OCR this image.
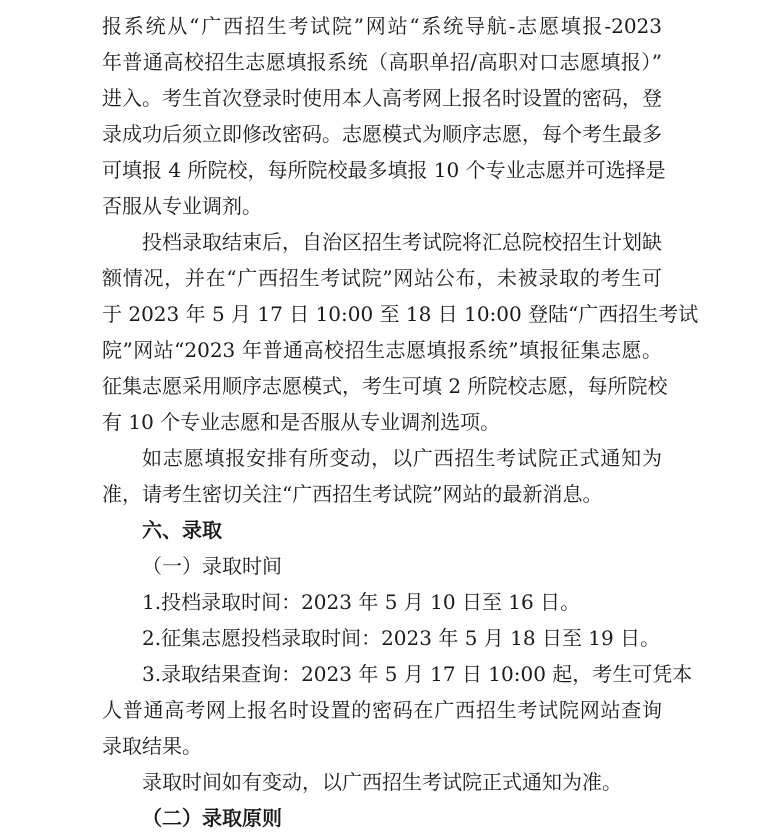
报系统从“广西招生考试院”网站“系统导航-志愿填报-2023
年普通高校招生志愿填报系统（高职单招/高职对口志愿填报）”
进入。考生首次登录时使用本人高考网上报名时设置的密码，登
录成功后须立即修改密码。志愿模式为顺序志愿，每个考生最多
可填报 4 所院校，每所院校最多填报 10 个专业志愿并可选择是
否服从专业调剂。
投档录取结束后，自治区招生考试院将汇总院校招生计划缺
额情况，并在“广西招生考试院”网站公布，未被录取的考生可
于 2023 年 5 月 17 日 10:00 至 18 日 10:00 登陆“广西招生考试
院”网站“2023 年普通高校招生志愿填报系统”填报征集志愿。
征集志愿采用顺序志愿模式，考生可填 2 所院校志愿，每所院校
有 10 个专业志愿和是否服从专业调剂选项。
如志愿填报安排有所变动，以广西招生考试院正式通知为
准，请考生密切关注“广西招生考试院”网站的最新消息。
六、录取
（一）录取时间
1.投档录取时间：2023 年 5 月 10 日至 16 日。
2.征集志愿投档录取时间：2023 年 5 月 18 日至 19 日。
3.录取结果查询：2023 年 5 月 17 日 10:00 起，考生可凭本
人普通高考网上报名时设置的密码在广西招生考试院网站查询
录取结果。
录取时间如有变动，以广西招生考试院正式通知为准。
（二）录取原则
